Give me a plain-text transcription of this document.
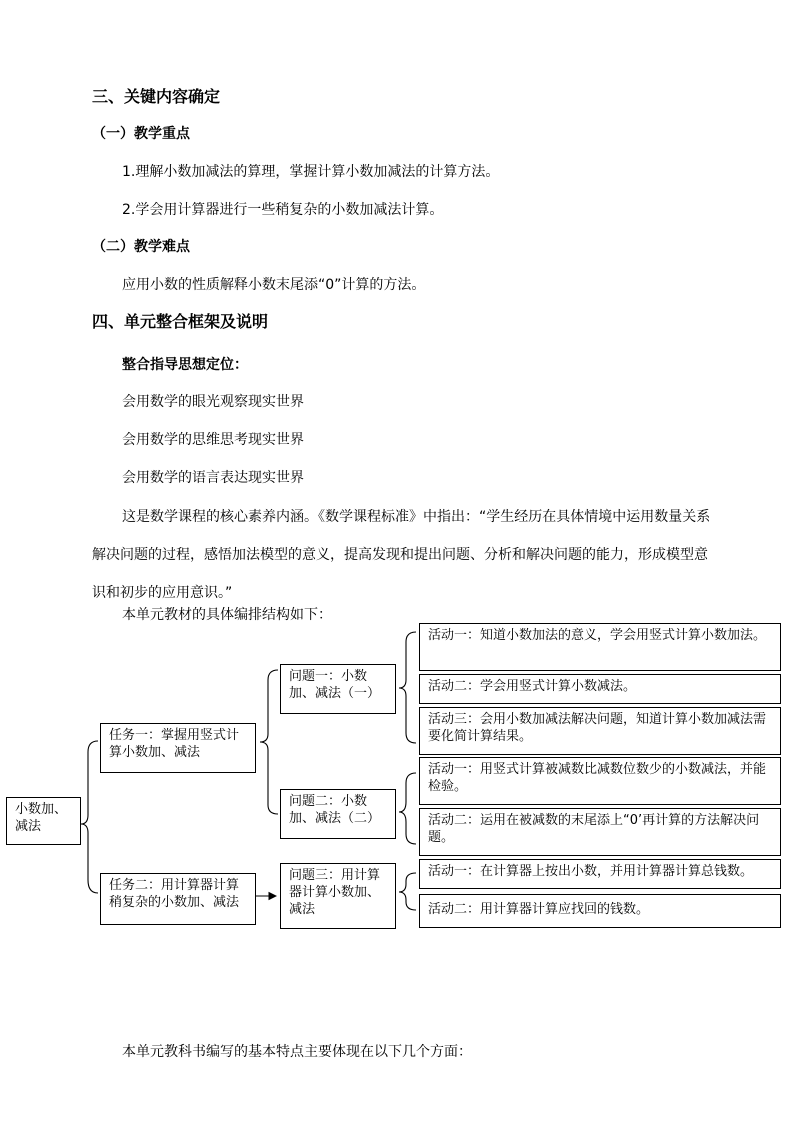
三、关键内容确定
（一）教学重点
1.理解小数加减法的算理，掌握计算小数加减法的计算方法。
2.学会用计算器进行一些稍复杂的小数加减法计算。
（二）教学难点
应用小数的性质解释小数末尾添“0”计算的方法。
四、单元整合框架及说明
整合指导思想定位：
会用数学的眼光观察现实世界
会用数学的思维思考现实世界
会用数学的语言表达现实世界

这是数学课程的核心素养内涵。《数学课程标准》中指出：“学生经历在具体情境中运用数量关系解决问题的过程，感悟加法模型的意义，提高发现和提出问题、分析和解决问题的能力，形成模型意识和初步的应用意识。”

本单元教材的具体编排结构如下：
小数加、减法
任务一：掌握用竖式计算小数加、减法
任务二：用计算器计算稍复杂的小数加、减法
问题一：小数加、减法（一）
问题二：小数加、减法（二）
问题三：用计算器计算小数加、减法
活动一：知道小数加法的意义，学会用竖式计算小数加法。
活动二：学会用竖式计算小数减法。
活动三：会用小数加减法解决问题，知道计算小数加减法需要化简计算结果。
活动一：用竖式计算被减数比减数位数少的小数减法，并能检验。
活动二：运用在被减数的末尾添上“0’再计算的方法解决问题。
活动一：在计算器上按出小数，并用计算器计算总钱数。
活动二：用计算器计算应找回的钱数。
本单元教科书编写的基本特点主要体现在以下几个方面：
